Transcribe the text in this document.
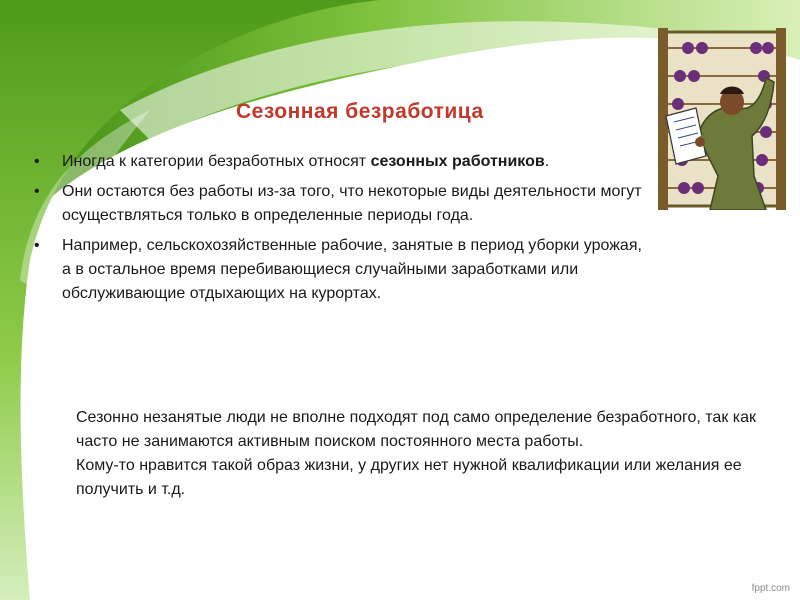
Сезонная безработица
• Иногда к категории безработных относят сезонных работников.
• Они остаются без работы из-за того, что некоторые виды деятельности могут осуществляться только в определенные периоды года.
• Например, сельскохозяйственные рабочие, занятые в период уборки урожая, а в остальное время перебивающиеся случайными заработками или обслуживающие отдыхающих на курортах.

Сезонно незанятые люди не вполне подходят под само определение безработного, так как часто не занимаются активным поиском постоянного места работы.

Кому-то нравится такой образ жизни, у других нет нужной квалификации или желания ее получить и т.д.

fppt.com
